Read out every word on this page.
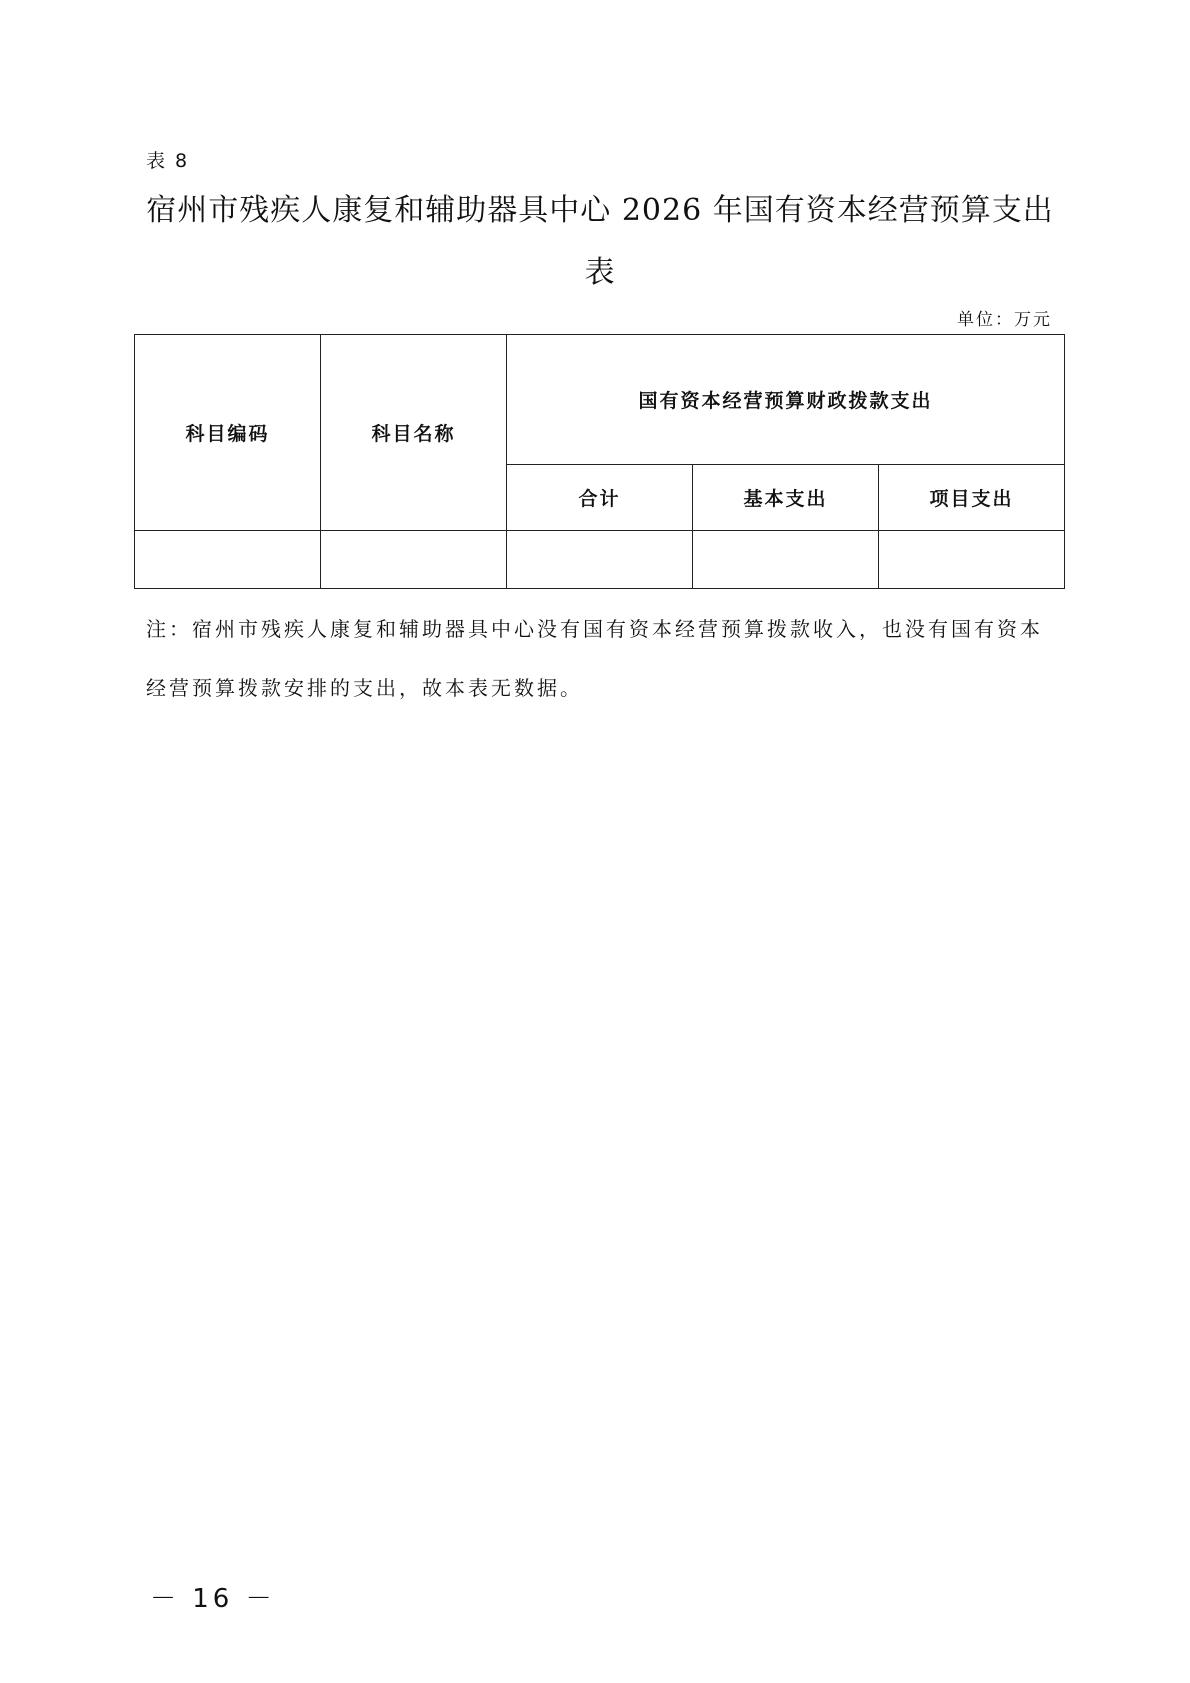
表 8
宿州市残疾人康复和辅助器具中心 2026 年国有资本经营预算支出表
单位：万元
科目编码	科目名称	国有资本经营预算财政拨款支出		
		合计	基本支出	项目支出

注：宿州市残疾人康复和辅助器具中心没有国有资本经营预算拨款收入，也没有国有资本经营预算拨款安排的支出，故本表无数据。
－ 16 －
